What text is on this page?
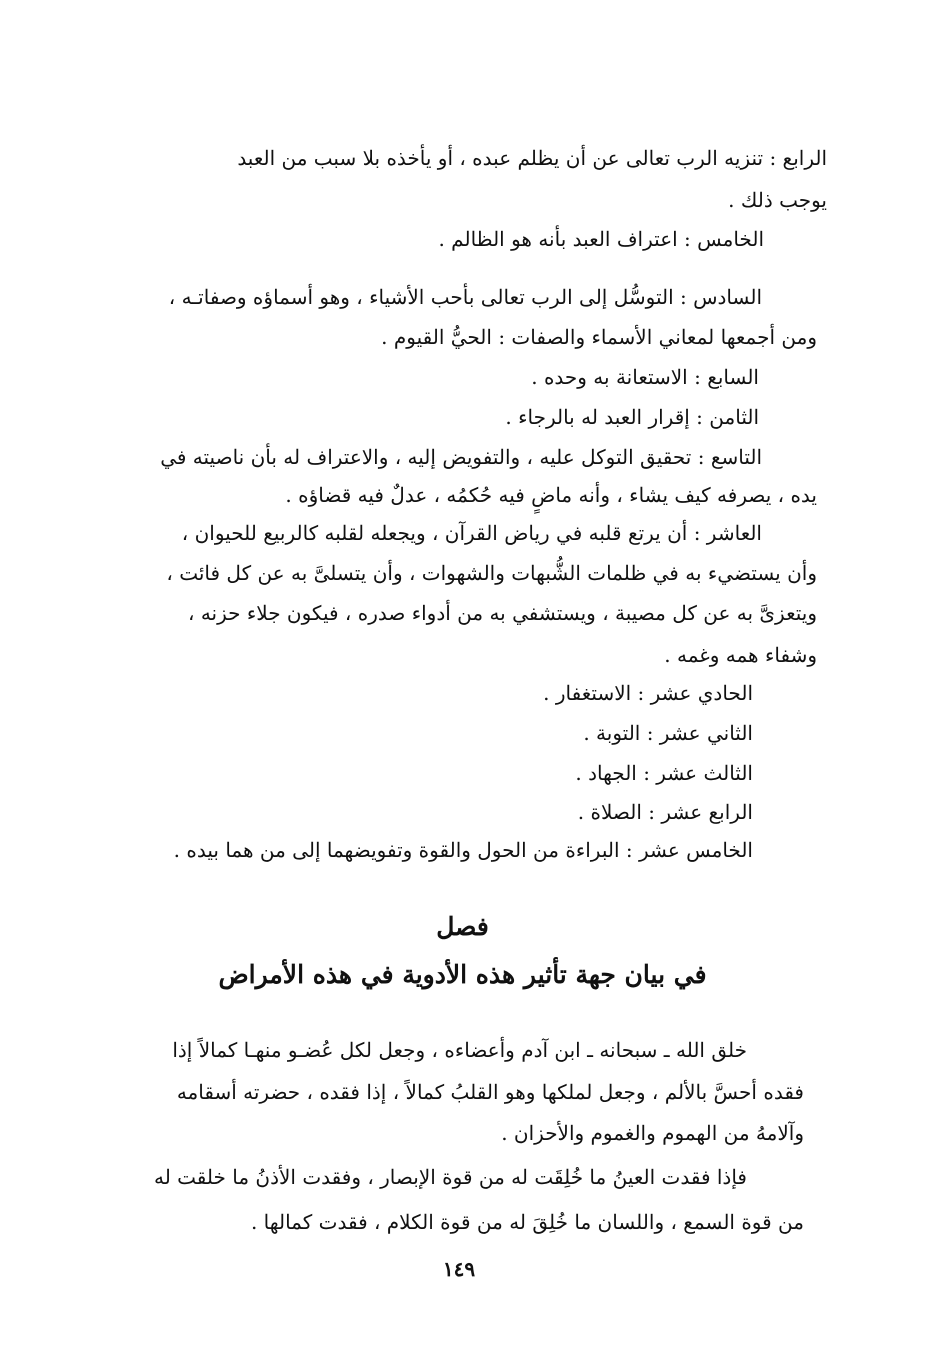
الرابع : تنزيه الرب تعالى عن أن يظلم عبده ، أو يأخذه بلا سبب من العبد
يوجب ذلك .
الخامس : اعتراف العبد بأنه هو الظالم .
السادس : التوسُّل إلى الرب تعالى بأحب الأشياء ، وهو أسماؤه وصفاتـه ،
ومن أجمعها لمعاني الأسماء والصفات : الحيُّ القيوم .
السابع : الاستعانة به وحده .
الثامن : إقرار العبد له بالرجاء .
التاسع : تحقيق التوكل عليه ، والتفويض إليه ، والاعتراف له بأن ناصيته في
يده ، يصرفه كيف يشاء ، وأنه ماضٍ فيه حُكمُه ، عدلٌ فيه قضاؤه .
العاشر : أن يرتع قلبه في رياض القرآن ، ويجعله لقلبه كالربيع للحيوان ،
وأن يستضيء به في ظلمات الشُّبهات والشهوات ، وأن يتسلىَّ به عن كل فائت ،
ويتعزىَّ به عن كل مصيبة ، ويستشفي به من أدواء صدره ، فيكون جلاء حزنه ،
وشفاء همه وغمه .
الحادي عشر : الاستغفار .
الثاني عشر : التوبة .
الثالث عشر : الجهاد .
الرابع عشر : الصلاة .
الخامس عشر : البراءة من الحول والقوة وتفويضهما إلى من هما بيده .
فصل
في بيان جهة تأثير هذه الأدوية في هذه الأمراض
خلق الله ـ سبحانه ـ ابن آدم وأعضاءه ، وجعل لكل عُضـو منهـا كمالاً إذا
فقده أحسَّ بالألم ، وجعل لملكها وهو القلبُ كمالاً ، إذا فقده ، حضرته أسقامه
وآلامهُ من الهموم والغموم والأحزان .
فإذا فقدت العينُ ما خُلِقَت له من قوة الإبصار ، وفقدت الأذنُ ما خلقت له
من قوة السمع ، واللسان ما خُلِقَ له من قوة الكلام ، فقدت كمالها .
١٤٩
